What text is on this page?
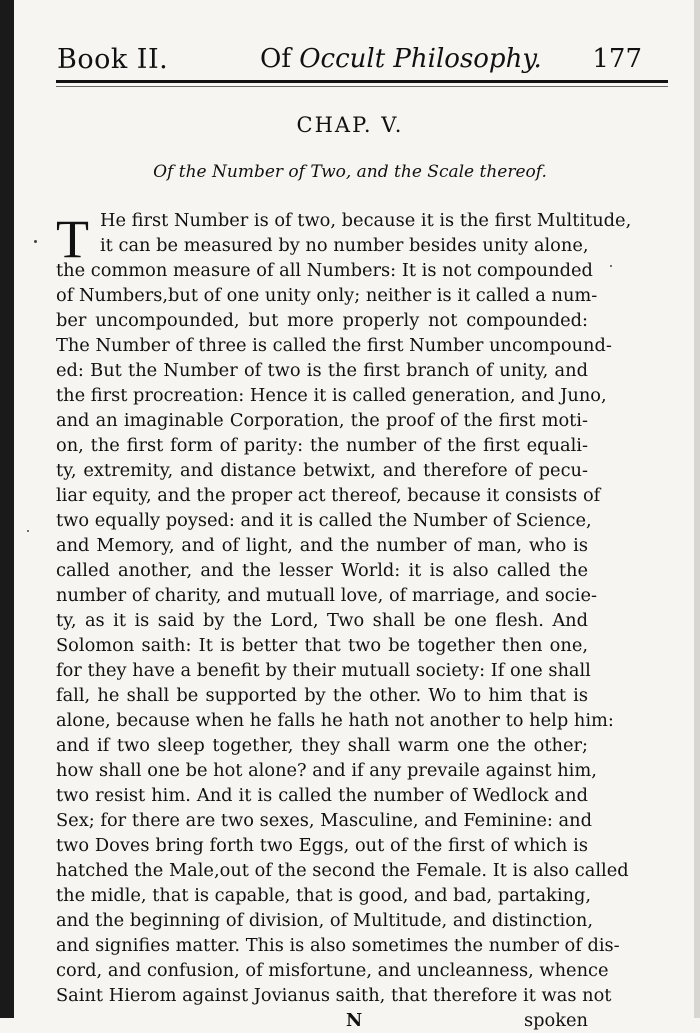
Book II.	Of Occult Philosophy. 177
CHAP. V.
Of the Number of Two, and the Scale thereof.
T He first Number is of two, because it is the first Multitude,
it can be measured by no number besides unity alone,
the common measure of all Numbers: It is not compounded
of Numbers,but of one unity only; neither is it called a num-
ber uncompounded, but more properly not compounded:
The Number of three is called the first Number uncompound-
ed: But the Number of two is the first branch of unity, and
the first procreation: Hence it is called generation, and Juno,
and an imaginable Corporation, the proof of the first moti-
on, the first form of parity: the number of the first equali-
ty, extremity, and distance betwixt, and therefore of pecu-
liar equity, and the proper act thereof, because it consists of
two equally poysed: and it is called the Number of Science,
and Memory, and of light, and the number of man, who is
called another, and the lesser World: it is also called the
number of charity, and mutuall love, of marriage, and socie-
ty, as it is said by the Lord, Two shall be one flesh. And
Solomon saith: It is better that two be together then one,
for they have a benefit by their mutuall society: If one shall
fall, he shall be supported by the other. Wo to him that is
alone, because when he falls he hath not another to help him:
and if two sleep together, they shall warm one the other;
how shall one be hot alone? and if any prevaile against him,
two resist him. And it is called the number of Wedlock and
Sex; for there are two sexes, Masculine, and Feminine: and
two Doves bring forth two Eggs, out of the first of which is
hatched the Male,out of the second the Female. It is also called
the midle, that is capable, that is good, and bad, partaking,
and the beginning of division, of Multitude, and distinction,
and signifies matter. This is also sometimes the number of dis-
cord, and confusion, of misfortune, and uncleanness, whence
Saint Hierom against Jovianus saith, that therefore it was not
N	spoken
